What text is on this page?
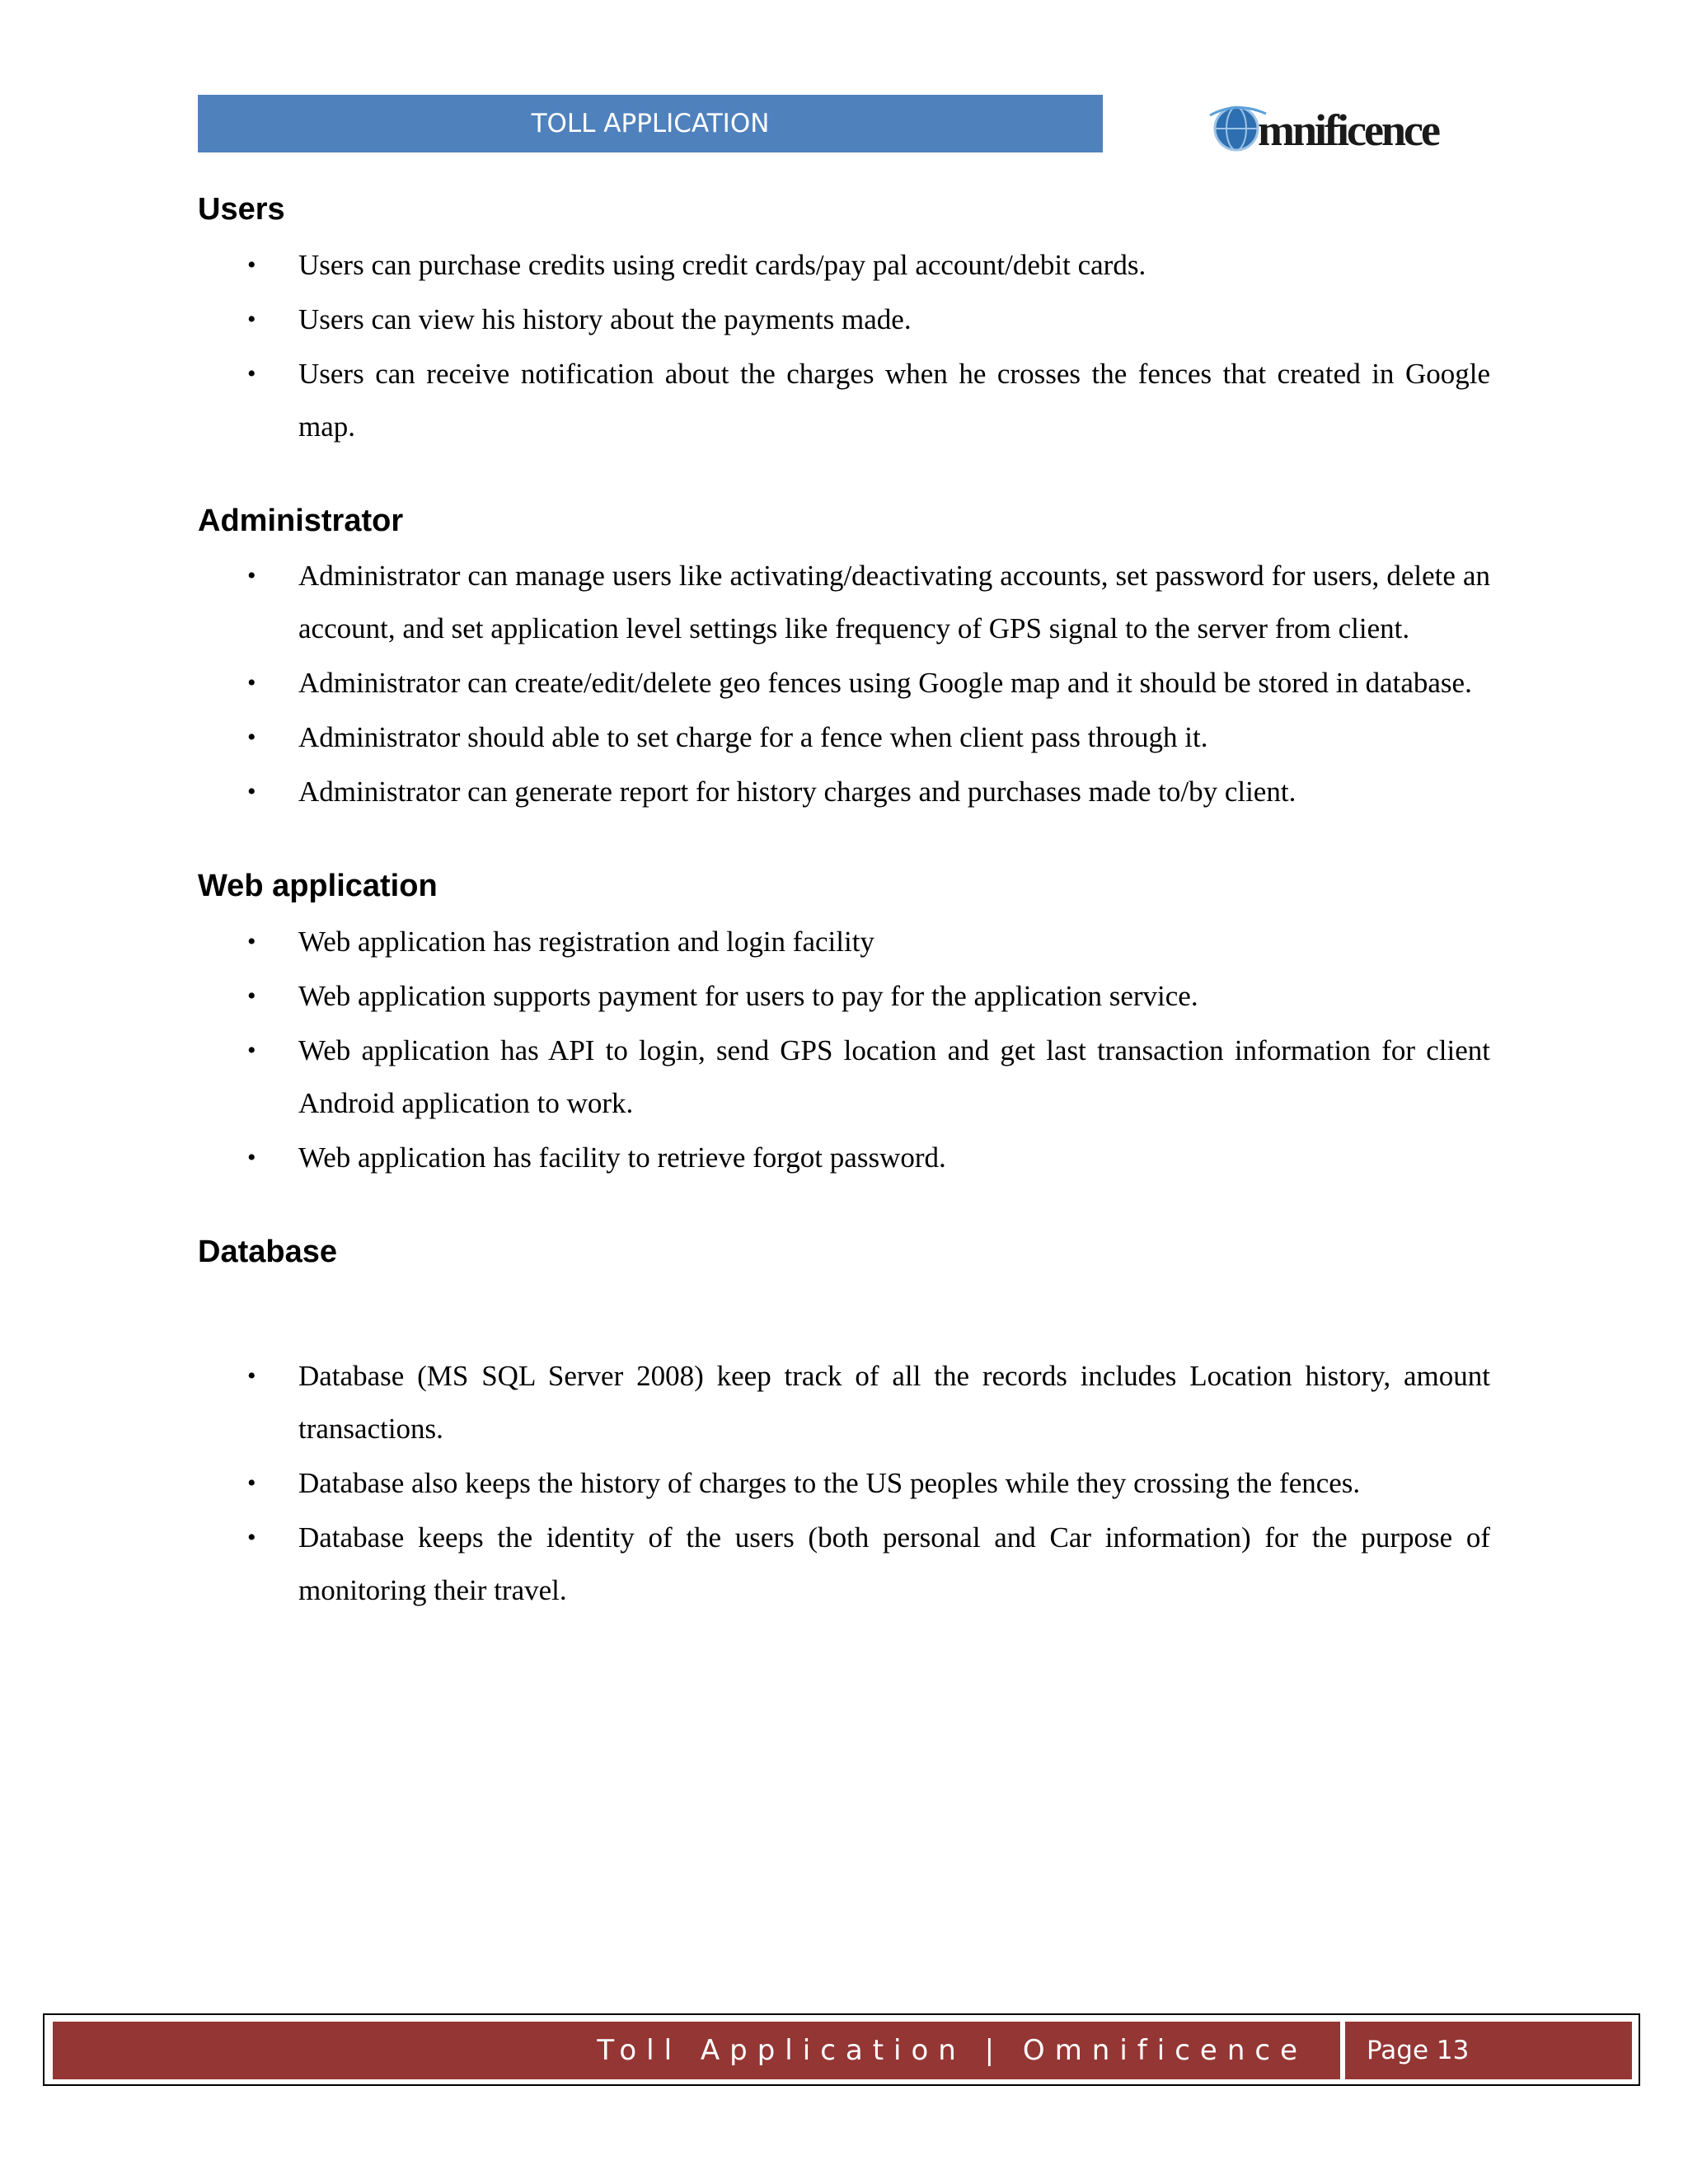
TOLL APPLICATION	mnificence
Users
• Users can purchase credits using credit cards/pay pal account/debit cards.
• Users can view his history about the payments made.
• Users can receive notification about the charges when he crosses the fences that created in Google map.
Administrator
• Administrator can manage users like activating/deactivating accounts, set password for users, delete an account, and set application level settings like frequency of GPS signal to the server from client.
• Administrator can create/edit/delete geo fences using Google map and it should be stored in database.
• Administrator should able to set charge for a fence when client pass through it.
• Administrator can generate report for history charges and purchases made to/by client.
Web application
• Web application has registration and login facility
• Web application supports payment for users to pay for the application service.
• Web application has API to login, send GPS location and get last transaction information for client Android application to work.
• Web application has facility to retrieve forgot password.
Database
• Database (MS SQL Server 2008) keep track of all the records includes Location history, amount transactions.
• Database also keeps the history of charges to the US peoples while they crossing the fences.
• Database keeps the identity of the users (both personal and Car information) for the purpose of monitoring their travel.
Toll Application | Omnificence	Page 13
